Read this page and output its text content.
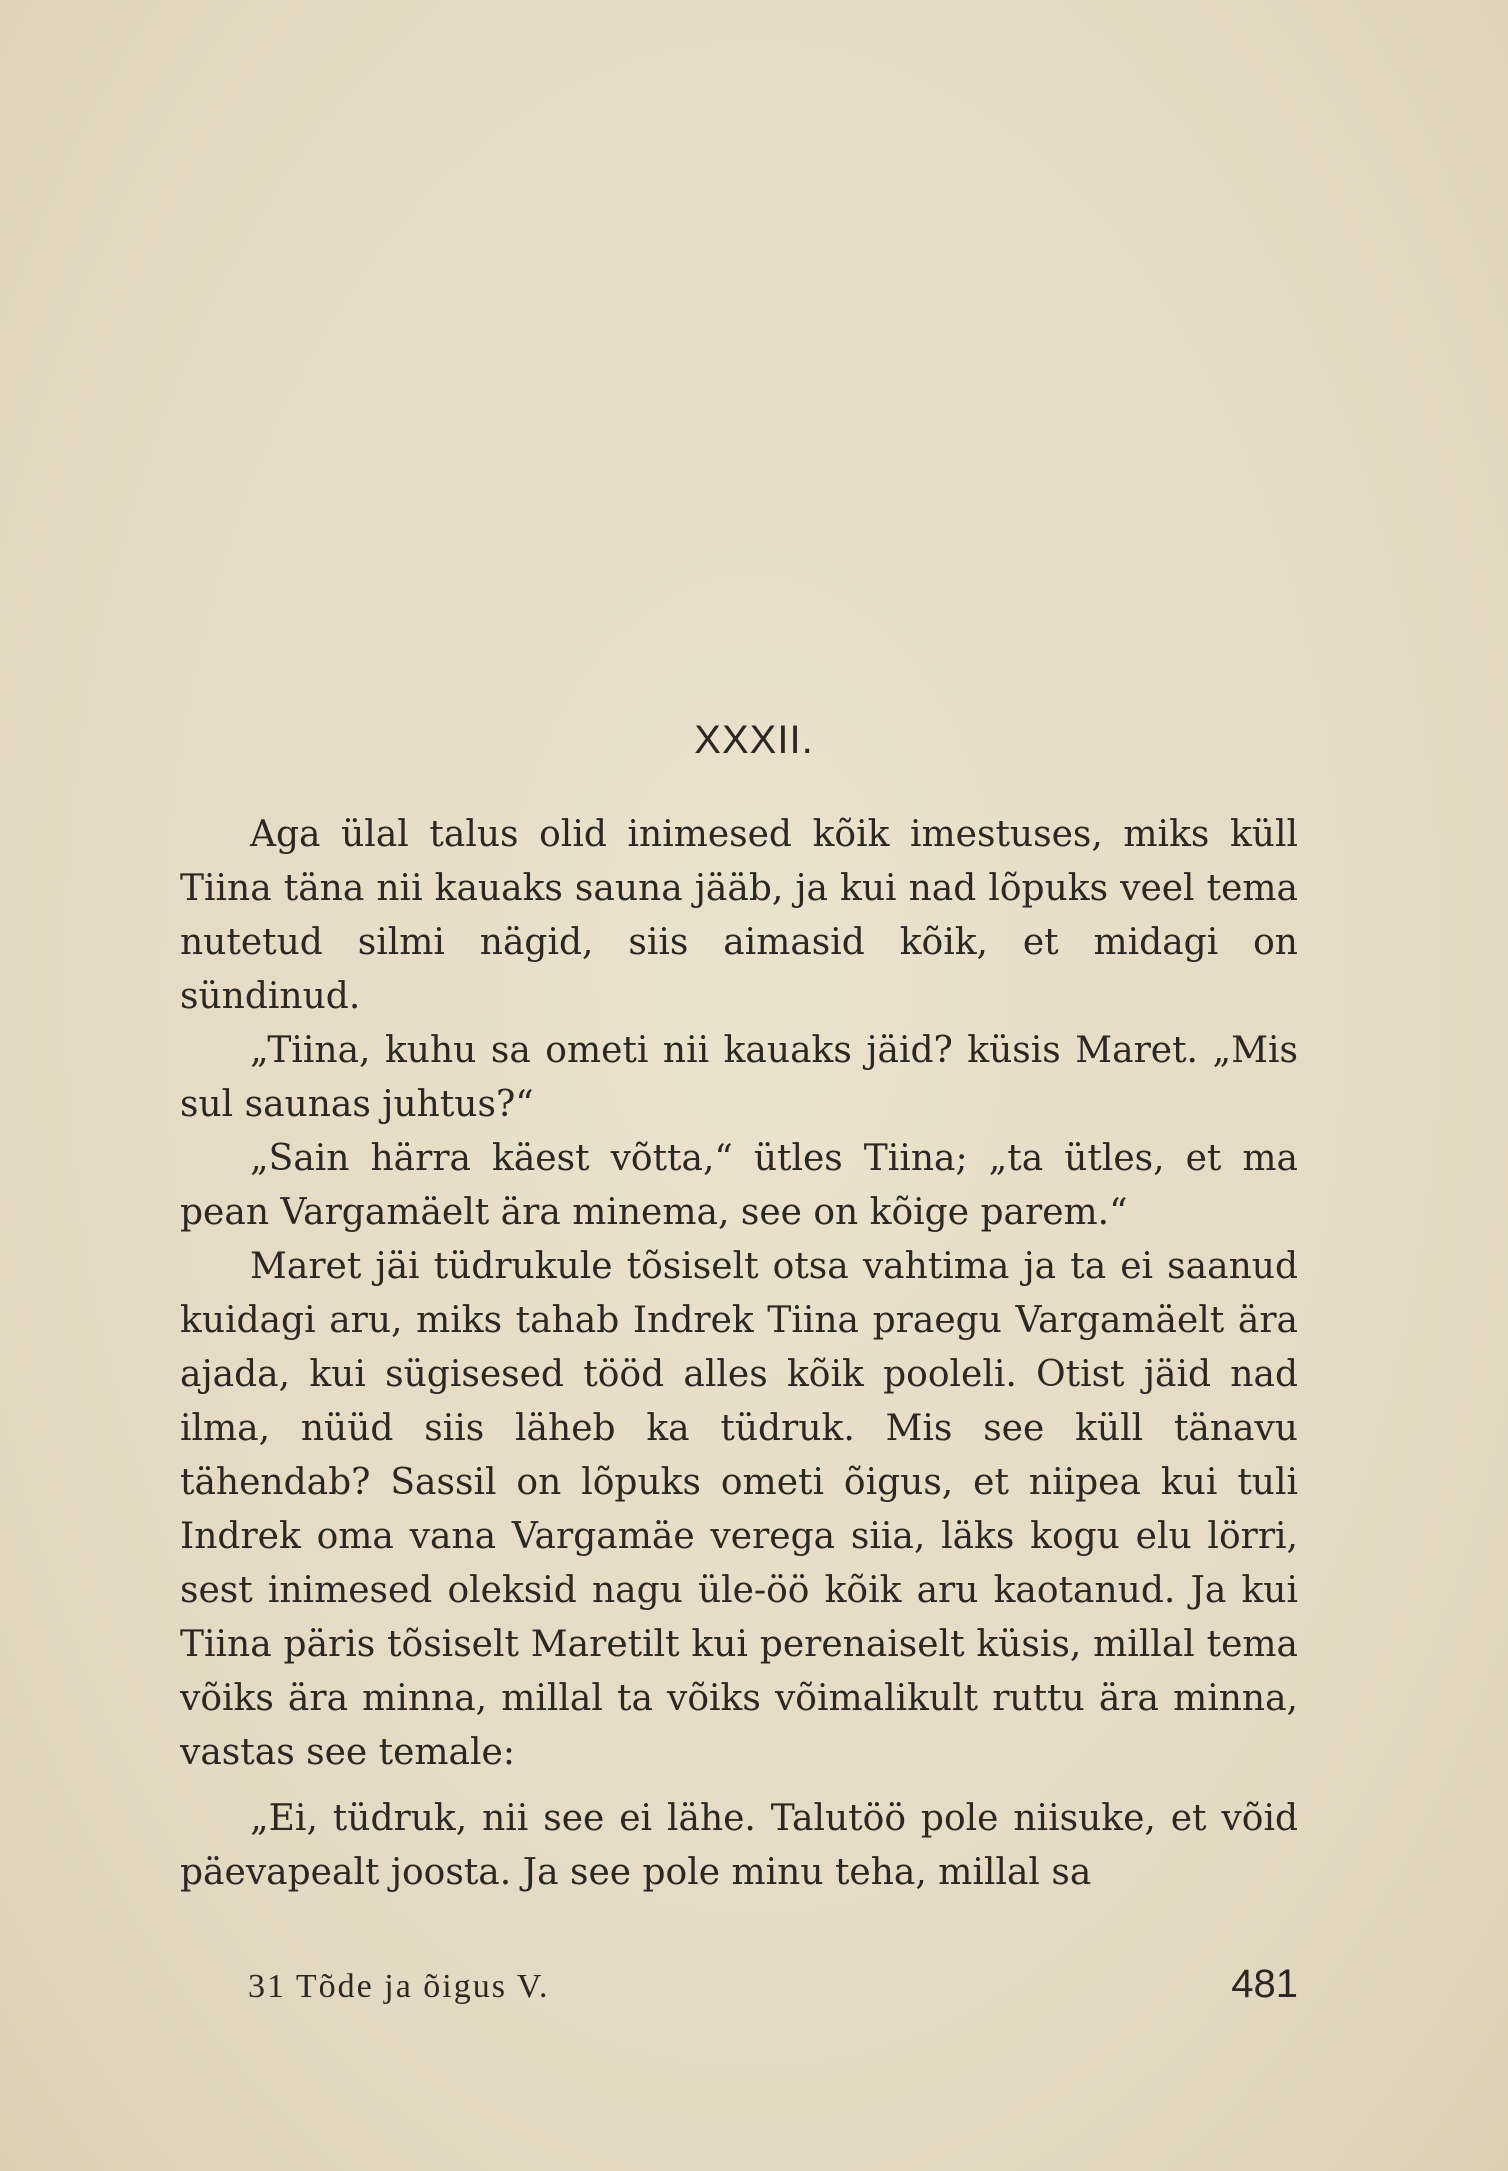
XXXII.

Aga ülal talus olid inimesed kõik imestuses, miks küll Tiina täna nii kauaks sauna jääb, ja kui nad lõpuks veel tema nutetud silmi nägid, siis aimasid kõik, et midagi on sündinud.

„Tiina, kuhu sa ometi nii kauaks jäid? küsis Maret. „Mis sul saunas juhtus?“

„Sain härra käest võtta,“ ütles Tiina; „ta ütles, et ma pean Vargamäelt ära minema, see on kõige parem.“

Maret jäi tüdrukule tõsiselt otsa vahtima ja ta ei saanud kuidagi aru, miks tahab Indrek Tiina praegu Vargamäelt ära ajada, kui sügisesed tööd alles kõik pooleli. Otist jäid nad ilma, nüüd siis läheb ka tüdruk. Mis see küll tänavu tähendab? Sassil on lõpuks ometi õigus, et niipea kui tuli Indrek oma vana Vargamäe verega siia, läks kogu elu lörri, sest inimesed oleksid nagu üle-öö kõik aru kaotanud. Ja kui Tiina päris tõsiselt Maretilt kui perenaiselt küsis, millal tema võiks ära minna, millal ta võiks võimalikult ruttu ära minna, vastas see temale:

„Ei, tüdruk, nii see ei lähe. Talutöö pole niisuke, et võid päevapealt joosta. Ja see pole minu teha, millal sa

31 Tõde ja õigus V.	481
